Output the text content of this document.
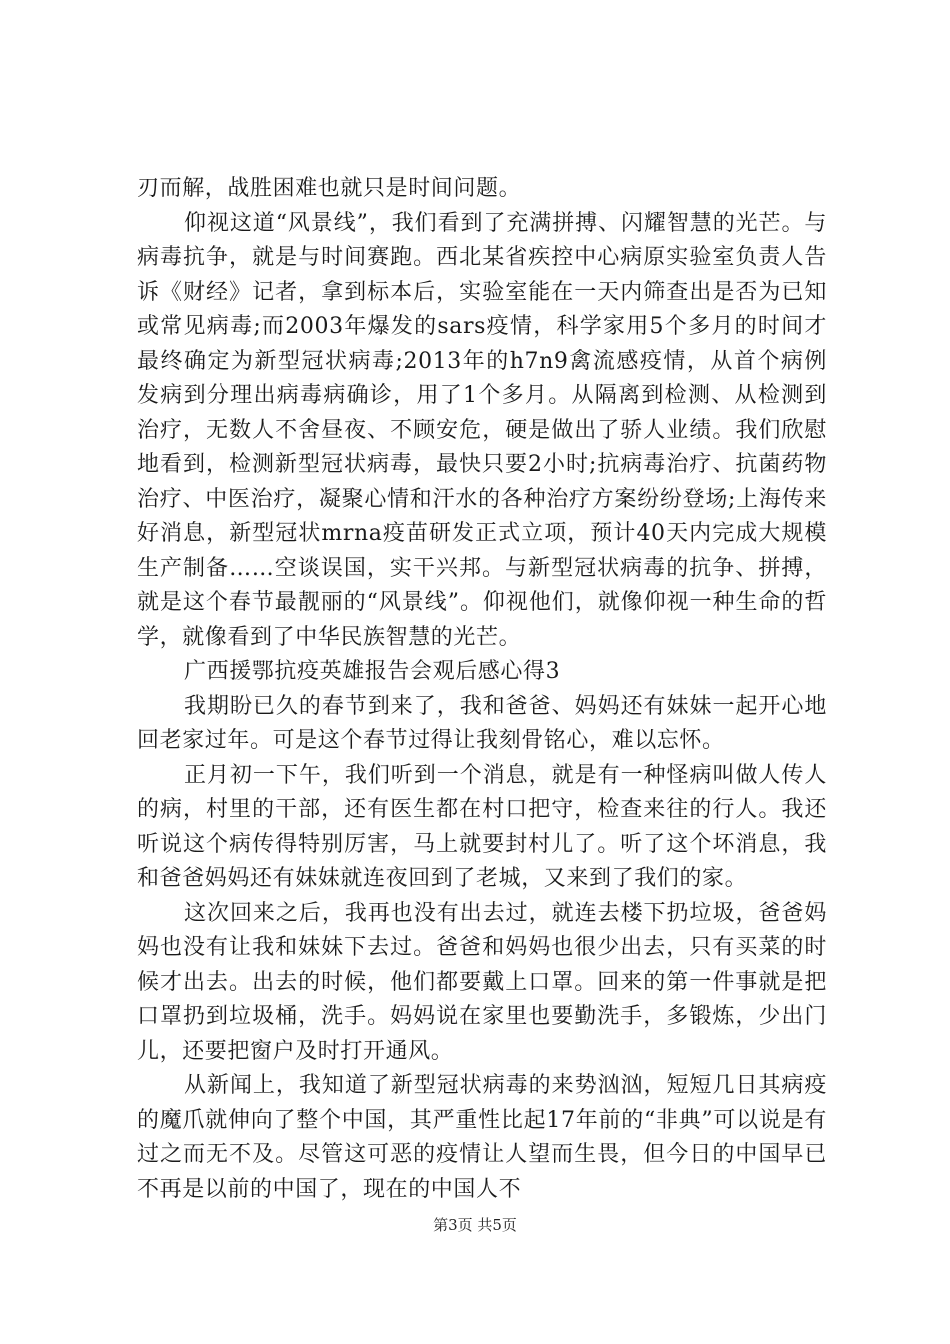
刃而解，战胜困难也就只是时间问题。

仰视这道“风景线”，我们看到了充满拼搏、闪耀智慧的光芒。与病毒抗争，就是与时间赛跑。西北某省疾控中心病原实验室负责人告诉《财经》记者，拿到标本后，实验室能在一天内筛查出是否为已知或常见病毒;而2003年爆发的sars疫情，科学家用5个多月的时间才最终确定为新型冠状病毒;2013年的h7n9禽流感疫情，从首个病例发病到分理出病毒病确诊，用了1个多月。从隔离到检测、从检测到治疗，无数人不舍昼夜、不顾安危，硬是做出了骄人业绩。我们欣慰地看到，检测新型冠状病毒，最快只要2小时;抗病毒治疗、抗菌药物治疗、中医治疗，凝聚心情和汗水的各种治疗方案纷纷登场;上海传来好消息，新型冠状mrna疫苗研发正式立项，预计40天内完成大规模生产制备……空谈误国，实干兴邦。与新型冠状病毒的抗争、拼搏，就是这个春节最靓丽的“风景线”。仰视他们，就像仰视一种生命的哲学，就像看到了中华民族智慧的光芒。

广西援鄂抗疫英雄报告会观后感心得3

我期盼已久的春节到来了，我和爸爸、妈妈还有妹妹一起开心地回老家过年。可是这个春节过得让我刻骨铭心，难以忘怀。

正月初一下午，我们听到一个消息，就是有一种怪病叫做人传人的病，村里的干部，还有医生都在村口把守，检查来往的行人。我还听说这个病传得特别厉害，马上就要封村儿了。听了这个坏消息，我和爸爸妈妈还有妹妹就连夜回到了老城，又来到了我们的家。

这次回来之后，我再也没有出去过，就连去楼下扔垃圾，爸爸妈妈也没有让我和妹妹下去过。爸爸和妈妈也很少出去，只有买菜的时候才出去。出去的时候，他们都要戴上口罩。回来的第一件事就是把口罩扔到垃圾桶，洗手。妈妈说在家里也要勤洗手，多锻炼，少出门儿，还要把窗户及时打开通风。

从新闻上，我知道了新型冠状病毒的来势汹汹，短短几日其病疫的魔爪就伸向了整个中国，其严重性比起17年前的“非典”可以说是有过之而无不及。尽管这可恶的疫情让人望而生畏，但今日的中国早已不再是以前的中国了，现在的中国人不

第3页 共5页
